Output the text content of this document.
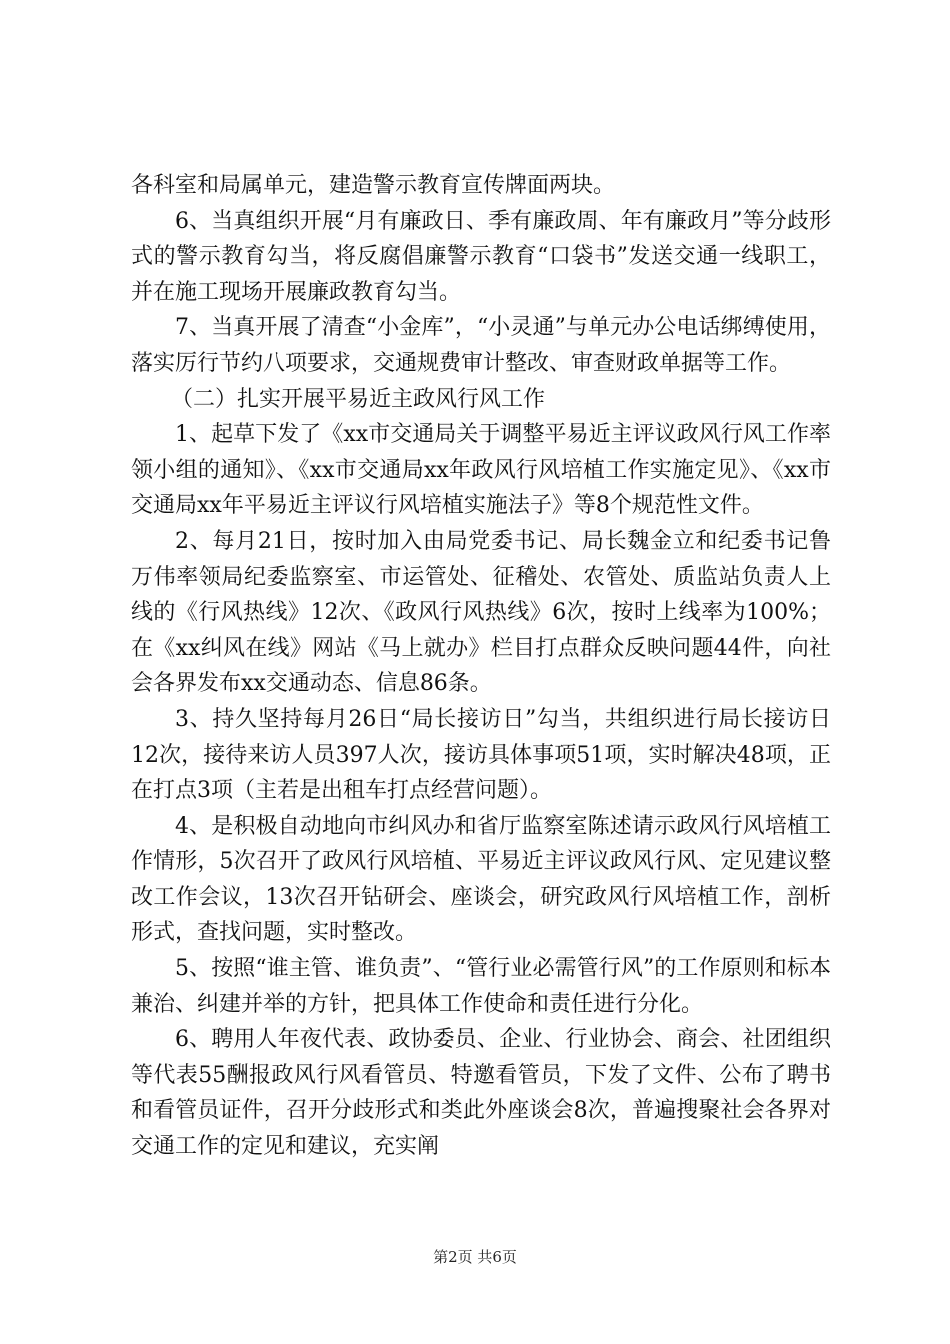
各科室和局属单元，建造警示教育宣传牌面两块。

6、当真组织开展“月有廉政日、季有廉政周、年有廉政月”等分歧形式的警示教育勾当，将反腐倡廉警示教育“口袋书”发送交通一线职工，并在施工现场开展廉政教育勾当。

7、当真开展了清查“小金库”，“小灵通”与单元办公电话绑缚使用，落实厉行节约八项要求，交通规费审计整改、审查财政单据等工作。

（二）扎实开展平易近主政风行风工作

1、起草下发了《xx市交通局关于调整平易近主评议政风行风工作率领小组的通知》、《xx市交通局xx年政风行风培植工作实施定见》、《xx市交通局xx年平易近主评议行风培植实施法子》等8个规范性文件。

2、每月21日，按时加入由局党委书记、局长魏金立和纪委书记鲁万伟率领局纪委监察室、市运管处、征稽处、农管处、质监站负责人上线的《行风热线》12次、《政风行风热线》6次，按时上线率为100%；在《xx纠风在线》网站《马上就办》栏目打点群众反映问题44件，向社会各界发布xx交通动态、信息86条。

3、持久坚持每月26日“局长接访日”勾当，共组织进行局长接访日12次，接待来访人员397人次，接访具体事项51项，实时解决48项，正在打点3项（主若是出租车打点经营问题）。

4、是积极自动地向市纠风办和省厅监察室陈述请示政风行风培植工作情形，5次召开了政风行风培植、平易近主评议政风行风、定见建议整改工作会议，13次召开钻研会、座谈会，研究政风行风培植工作，剖析形式，查找问题，实时整改。

5、按照“谁主管、谁负责”、“管行业必需管行风”的工作原则和标本兼治、纠建并举的方针，把具体工作使命和责任进行分化。

6、聘用人年夜代表、政协委员、企业、行业协会、商会、社团组织等代表55酬报政风行风看管员、特邀看管员，下发了文件、公布了聘书和看管员证件，召开分歧形式和类此外座谈会8次，普遍搜聚社会各界对交通工作的定见和建议，充实阐

第2页 共6页
